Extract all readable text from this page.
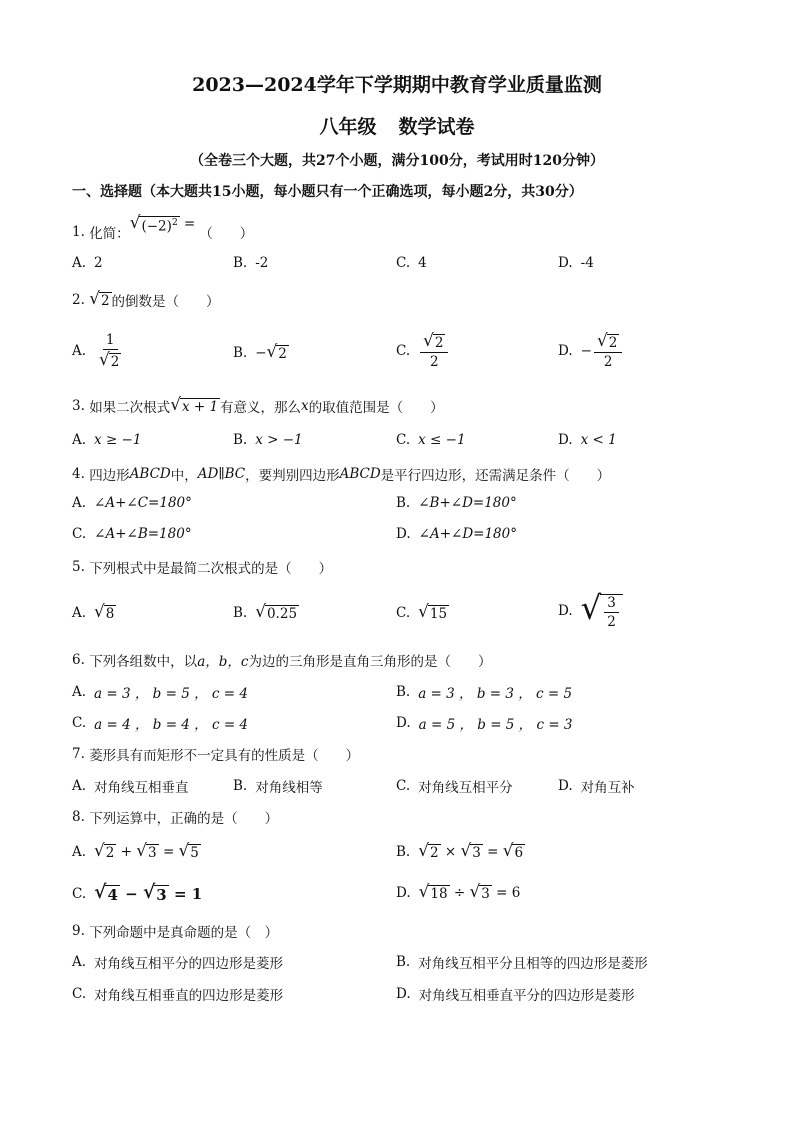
2023—2024学年下学期期中教育学业质量监测
八年级 数学试卷
（全卷三个大题，共27个小题，满分100分，考试用时120分钟）
一、选择题（本大题共15小题，每小题只有一个正确选项，每小题2分，共30分）
1.
化简：
√ $(-2)^2$ =
（　　）
A. 2	B. -2	C. 4	D. -4
2.
√ 2 的倒数是（　　）
A. $\frac{1}{√ 2}$	B. − √ 2	C. $\frac{√ 2}{2}$	D. − $\frac{√ 2}{2}$
3.
如果二次根式 √ x + 1 有意义，那么 x 的取值范围是（　　）
A. x ≥ −1	B. x > −1	C. x ≤ −1	D. x < 1
4.
四边形 ABCD 中， AD∥BC ，要判别四边形 ABCD 是平行四边形，还需满足条件（　　）
A. ∠A+∠C=180°	B. ∠B+∠D=180°
C. ∠A+∠B=180°	D. ∠A+∠D=180°
5.
下列根式中是最简二次根式的是（　　）
A. √ 8	B. √ 0.25	C. √ 15	D. √ $\frac{3}{2}$
6.
下列各组数中，以 a，b，c 为边的三角形是直角三角形的是（　　）
A. a = 3 ， b = 5 ， c = 4	B. a = 3 ， b = 3 ， c = 5
C. a = 4 ， b = 4 ， c = 4	D. a = 5 ， b = 5 ， c = 3
7.
菱形具有而矩形不一定具有的性质是（　　）
A. 对角线互相垂直	B. 对角线相等	C. 对角线互相平分	D. 对角互补
8.
下列运算中，正确的是（　　）
A. √ 2
+
√ 3
=
√ 5	B. √ 2
×
√ 3
=
√ 6
C. √ 4
−
√ 3
= 1	D. √ 18
÷
√ 3
= 6
9.
下列命题中是真命题的是（　）
A. 对角线互相平分的四边形是菱形	B. 对角线互相平分且相等的四边形是菱形
C. 对角线互相垂直的四边形是菱形	D. 对角线互相垂直平分的四边形是菱形
